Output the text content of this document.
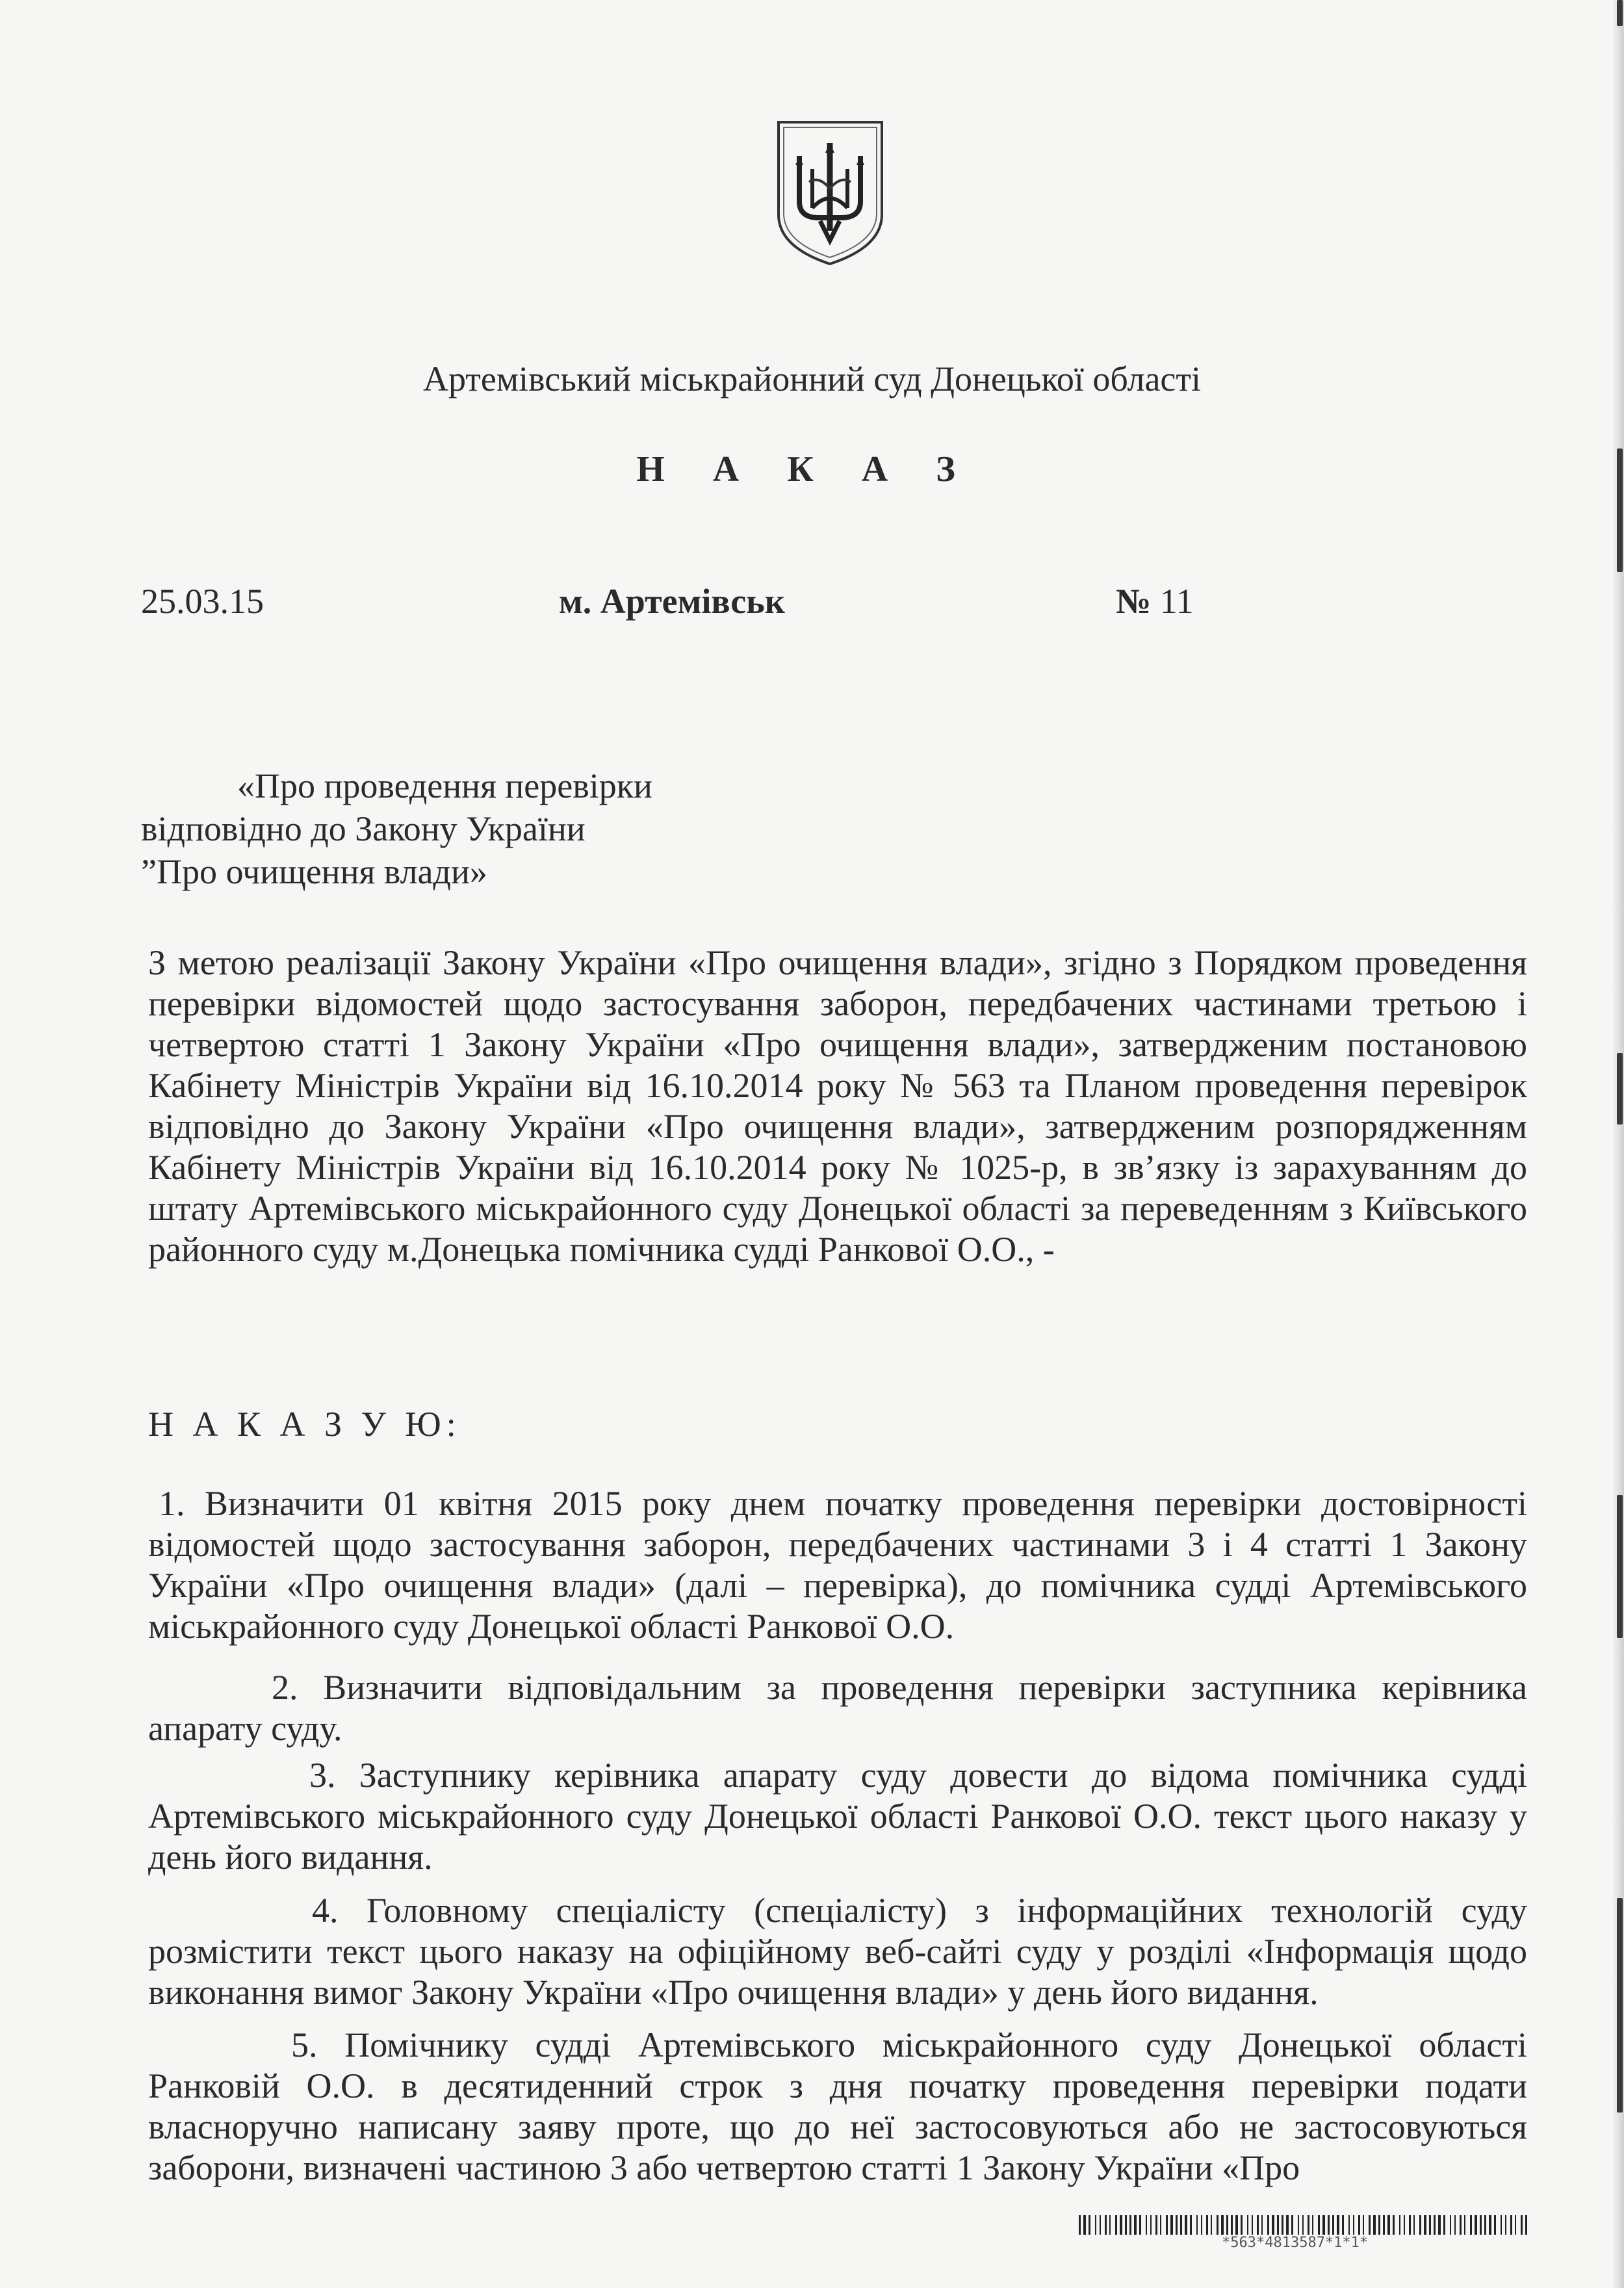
Артемівський міськрайонний суд Донецької області
Н А К А З
25.03.15	м. Артемівськ	№ 11
«Про проведення перевірки
відповідно до Закону України
”Про очищення влади»
З метою реалізації Закону України «Про очищення влади», згідно з Порядком проведення перевірки відомостей щодо застосування заборон, передбачених частинами третьою і четвертою статті 1 Закону України «Про очищення влади», затвердженим постановою Кабінету Міністрів України від 16.10.2014 року № 563 та Планом проведення перевірок відповідно до Закону України «Про очищення влади», затвердженим розпорядженням Кабінету Міністрів України від 16.10.2014 року № 1025-р, в зв’язку із зарахуванням до штату Артемівського міськрайонного суду Донецької області за переведенням з Київського районного суду м.Донецька помічника судді Ранкової О.О., -
Н А К А З У Ю:
1. Визначити 01 квітня 2015 року днем початку проведення перевірки достовірності відомостей щодо застосування заборон, передбачених частинами 3 і 4 статті 1 Закону України «Про очищення влади» (далі – перевірка), до помічника судді Артемівського міськрайонного суду Донецької області Ранкової О.О.
2. Визначити відповідальним за проведення перевірки заступника керівника апарату суду.
3. Заступнику керівника апарату суду довести до відома помічника судді Артемівського міськрайонного суду Донецької області Ранкової О.О. текст цього наказу у день його видання.
4. Головному спеціалісту (спеціалісту) з інформаційних технологій суду розмістити текст цього наказу на офіційному веб-сайті суду у розділі «Інформація щодо виконання вимог Закону України «Про очищення влади» у день його видання.
5. Помічнику судді Артемівського міськрайонного суду Донецької області Ранковій О.О. в десятиденний строк з дня початку проведення перевірки подати власноручно написану заяву проте, що до неї застосовуються або не застосовуються заборони, визначені частиною 3 або четвертою статті 1 Закону України «Про
*563*4813587*1*1*
